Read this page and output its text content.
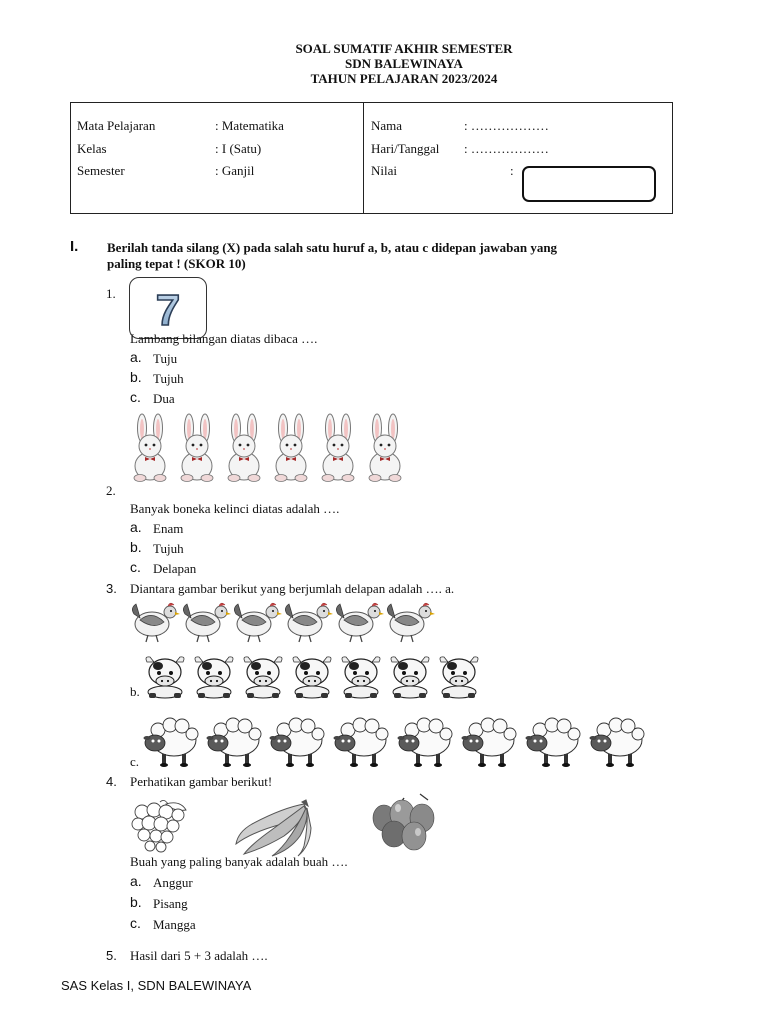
SOAL SUMATIF AKHIR SEMESTER
SDN BALEWINAYA
TAHUN PELAJARAN 2023/2024
Mata Pelajaran	: Matematika
Kelas	: I (Satu)
Semester	: Ganjil
Nama	: ………………
Hari/Tanggal : ………………
Nilai	:
I. Berilah tanda silang (X) pada salah satu huruf a, b, atau c didepan jawaban yang
paling tepat ! (SKOR 10)
1. 7
Lambang bilangan diatas dibaca ….
a. Tuju
b. Tujuh
c. Dua
2.
Banyak boneka kelinci diatas adalah ….
a. Enam
b. Tujuh
c. Delapan
3. Diantara gambar berikut yang berjumlah delapan adalah …. a.
b.
c.
4. Perhatikan gambar berikut!
Buah yang paling banyak adalah buah ….
a. Anggur
b. Pisang
c. Mangga
5. Hasil dari 5 + 3 adalah ….
SAS Kelas I, SDN BALEWINAYA
